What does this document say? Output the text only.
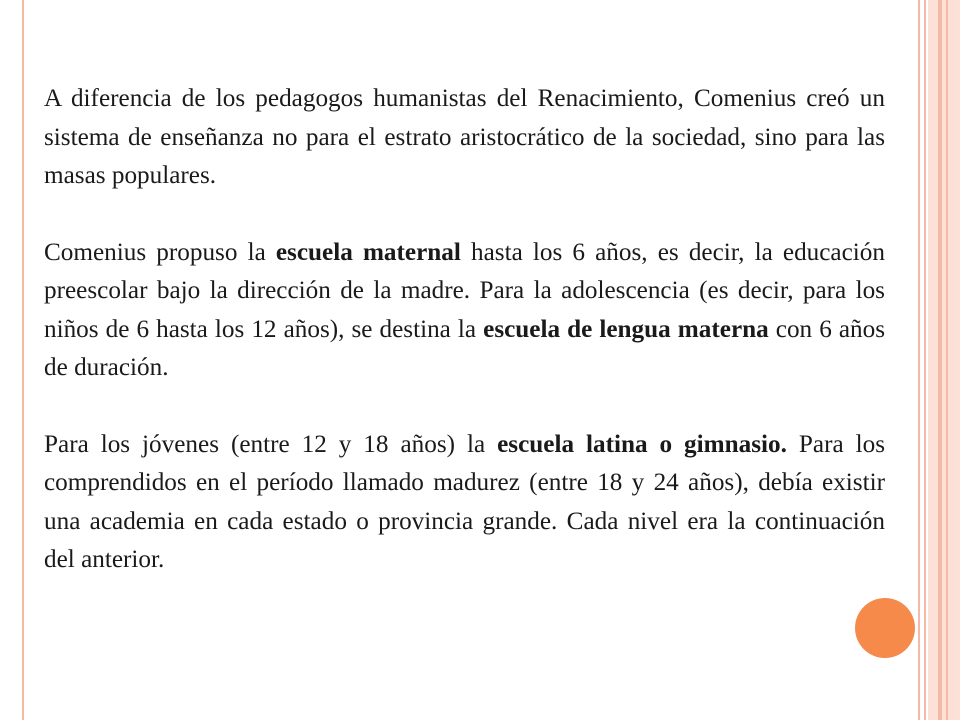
A diferencia de los pedagogos humanistas del Renacimiento, Comenius creó un sistema de enseñanza no para el estrato aristocrático de la sociedad, sino para las masas populares.

Comenius propuso la escuela maternal hasta los 6 años, es decir, la educación preescolar bajo la dirección de la madre. Para la adolescencia (es decir, para los niños de 6 hasta los 12 años), se destina la escuela de lengua materna con 6 años de duración.

Para los jóvenes (entre 12 y 18 años) la escuela latina o gimnasio. Para los comprendidos en el período llamado madurez (entre 18 y 24 años), debía existir una academia en cada estado o provincia grande. Cada nivel era la continuación del anterior.
